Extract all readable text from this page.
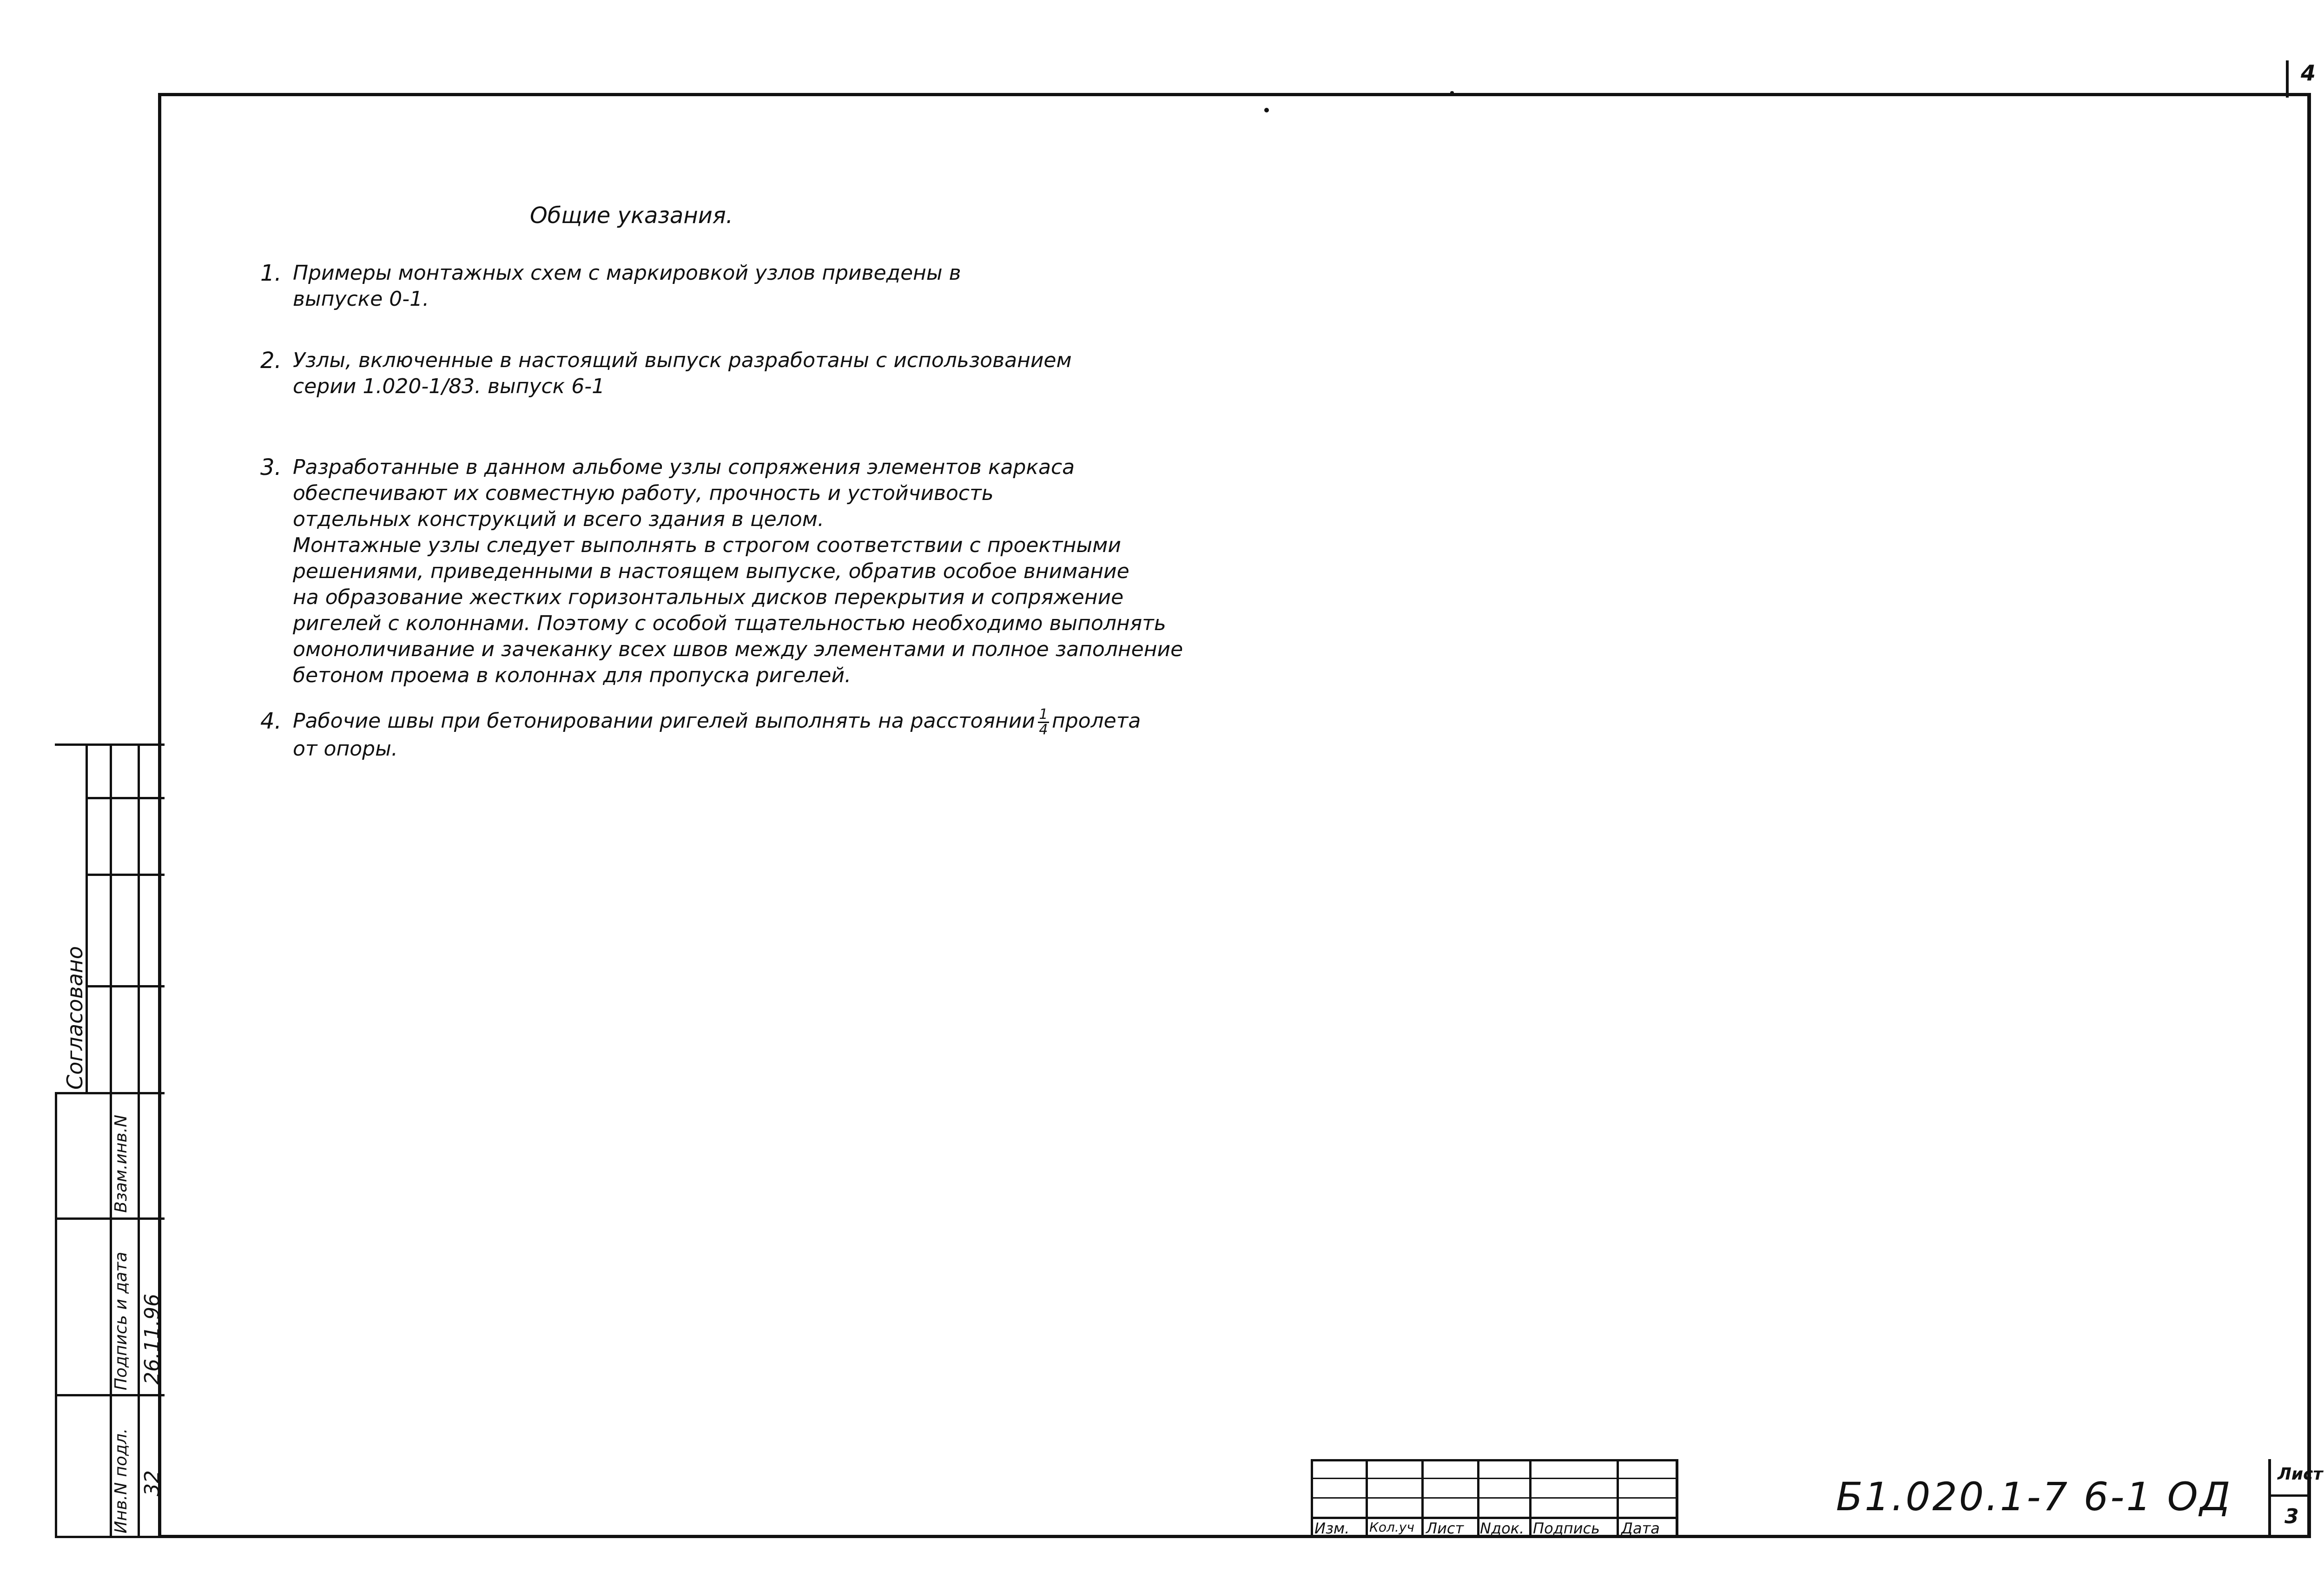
4
Общие указания.
1. Примеры монтажных схем с маркировкой узлов приведены в
выпуске 0-1.
2. Узлы, включенные в настоящий выпуск разработаны с использованием
серии 1.020-1/83. выпуск 6-1
3. Разработанные в данном альбоме узлы сопряжения элементов каркаса
обеспечивают их совместную работу, прочность и устойчивость
отдельных конструкций и всего здания в целом.
Монтажные узлы следует выполнять в строгом соответствии с проектными
решениями, приведенными в настоящем выпуске, обратив особое внимание
на образование жестких горизонтальных дисков перекрытия и сопряжение
ригелей с колоннами. Поэтому с особой тщательностью необходимо выполнять
омоноличивание и зачеканку всех швов между элементами и полное заполнение
бетоном проема в колоннах для пропуска ригелей.
4. Рабочие швы при бетонировании ригелей выполнять на расстоянии $\frac{1}{4}$ пролета
от опоры.
Согласовано
Взам.инв.N
Подпись и дата
Инв.N подл.
26.11.96
32
Изм. Кол.уч Лист Nдок. Подпись Дата
Б1.020.1-7 6-1 ОД	Лист
3
